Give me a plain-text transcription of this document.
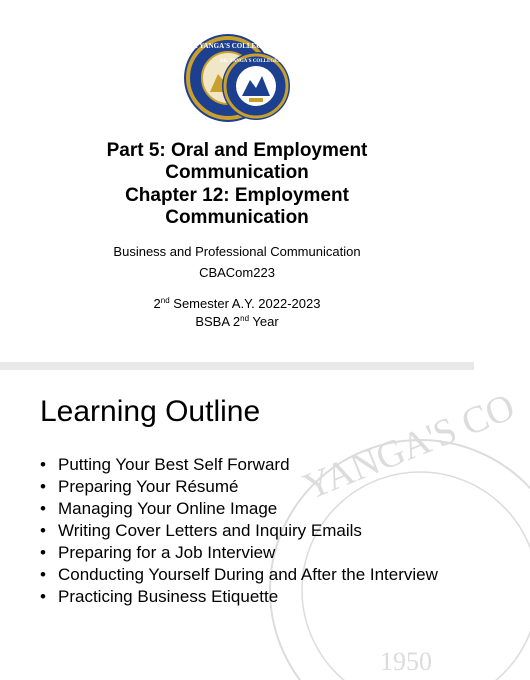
DR. YANGA'S COLLEGES
DR. YANGA'S COLLEGES INC.
Part 5: Oral and Employment
Communication
Chapter 12: Employment
Communication
Business and Professional Communication
CBACom223
2nd Semester A.Y. 2022-2023
BSBA 2nd Year
YANGA'S CO
1950
Learning Outline
• Putting Your Best Self Forward
• Preparing Your Résumé
• Managing Your Online Image
• Writing Cover Letters and Inquiry Emails
• Preparing for a Job Interview
• Conducting Yourself During and After the Interview
• Practicing Business Etiquette
